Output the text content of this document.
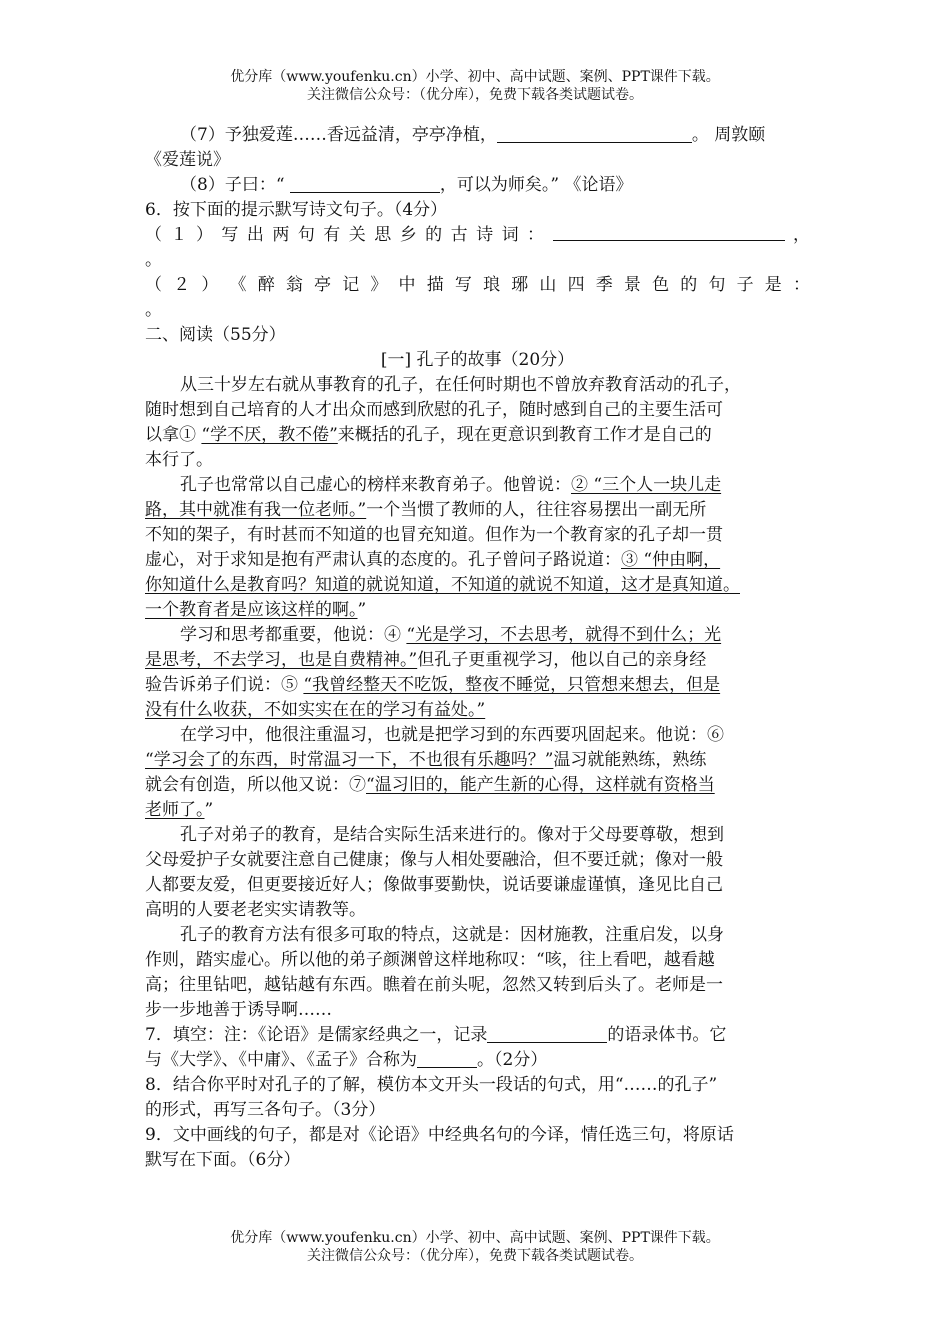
优分库（www.youfenku.cn）小学、初中、高中试题、案例、PPT课件下载。
关注微信公众号：（优分库），免费下载各类试题试卷。
（7）予独爱莲……香远益清，亭亭净植，	。 周敦颐
《爱莲说》
（8）子曰：“	，可以为师矣。” 《论语》
6．按下面的提示默写诗文句子。（4分）
（ １ ） 写 出 两 句 有 关 思 乡 的 古 诗 词 ：	，
。
（ ２ ） 《 醉 翁 亭 记 》 中 描 写 琅 琊 山 四 季 景 色 的 句 子 是 ：
。
二、阅读（55分）
[一] 孔子的故事（20分）
从三十岁左右就从事教育的孔子，在任何时期也不曾放弃教育活动的孔子，
随时想到自己培育的人才出众而感到欣慰的孔子，随时感到自己的主要生活可
以拿① “学不厌，教不倦”来概括的孔子，现在更意识到教育工作才是自己的
本行了。
孔子也常常以自己虚心的榜样来教育弟子。他曾说：② “三个人一块儿走
路，其中就准有我一位老师。”一个当惯了教师的人，往往容易摆出一副无所
不知的架子，有时甚而不知道的也冒充知道。但作为一个教育家的孔子却一贯
虚心，对于求知是抱有严肃认真的态度的。孔子曾问子路说道：③ “仲由啊，
你知道什么是教育吗？知道的就说知道，不知道的就说不知道，这才是真知道。
一个教育者是应该这样的啊。”
学习和思考都重要，他说：④ “光是学习，不去思考，就得不到什么；光
是思考，不去学习，也是自费精神。”但孔子更重视学习，他以自己的亲身经
验告诉弟子们说：⑤ “我曾经整天不吃饭，整夜不睡觉，只管想来想去，但是
没有什么收获，不如实实在在的学习有益处。”
在学习中，他很注重温习，也就是把学习到的东西要巩固起来。他说：⑥
“学习会了的东西，时常温习一下，不也很有乐趣吗？”温习就能熟练，熟练
就会有创造，所以他又说：⑦“温习旧的，能产生新的心得，这样就有资格当
老师了。”
孔子对弟子的教育，是结合实际生活来进行的。像对于父母要尊敬，想到
父母爱护子女就要注意自己健康；像与人相处要融洽，但不要迁就；像对一般
人都要友爱，但更要接近好人；像做事要勤快，说话要谦虚谨慎，逢见比自己
高明的人要老老实实请教等。
孔子的教育方法有很多可取的特点，这就是：因材施教，注重启发，以身
作则，踏实虚心。所以他的弟子颜渊曾这样地称叹：“咳，往上看吧，越看越
高；往里钻吧，越钻越有东西。瞧着在前头呢，忽然又转到后头了。老师是一
步一步地善于诱导啊……
7．填空：注：《论语》是儒家经典之一，记录	的语录体书。它
与《大学》、《中庸》、《孟子》合称为	。（2分）
8．结合你平时对孔子的了解，模仿本文开头一段话的句式，用“……的孔子”
的形式，再写三各句子。（3分）
9．文中画线的句子，都是对《论语》中经典名句的今译，情任选三句，将原话
默写在下面。（6分）
优分库（www.youfenku.cn）小学、初中、高中试题、案例、PPT课件下载。
关注微信公众号：（优分库），免费下载各类试题试卷。
